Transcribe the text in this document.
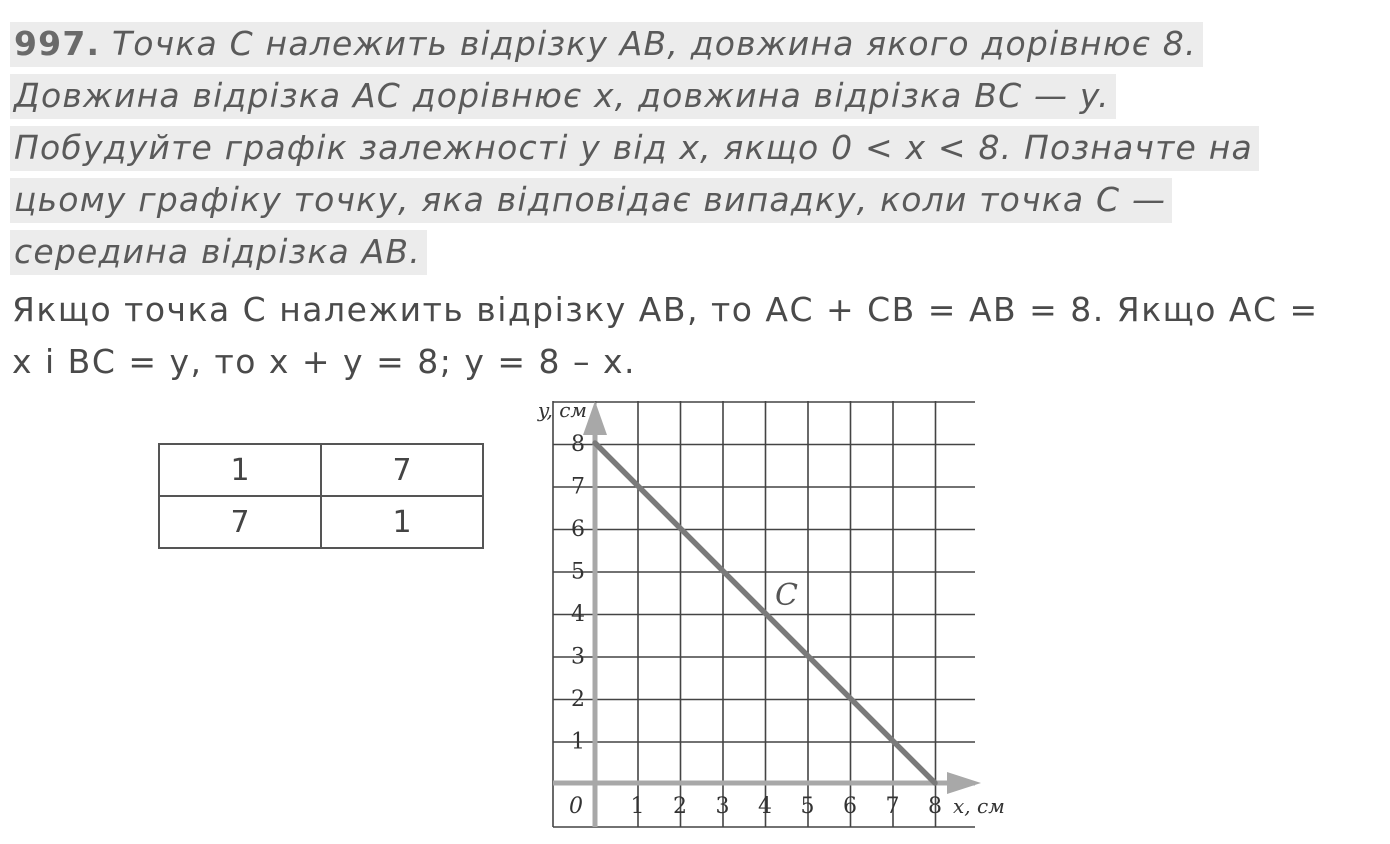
997. Точка С належить відрізку АВ, довжина якого дорівнює 8.
Довжина відрізка АС дорівнює x, довжина відрізка ВС — y.
Побудуйте графік залежності y від x, якщо 0 < x < 8. Позначте на
цьому графіку точку, яка відповідає випадку, коли точка С —
середина відрізка АВ.
Якщо точка С належить відрізку АВ, то АС + СВ = АВ = 8. Якщо АС =
x і ВС = y, то x + y = 8; y = 8 – x.
1	7
7	1
1 2 3 4 5 6 7 8
1
2
3
4
5
6
7
8
0
y, см
x, см
C
